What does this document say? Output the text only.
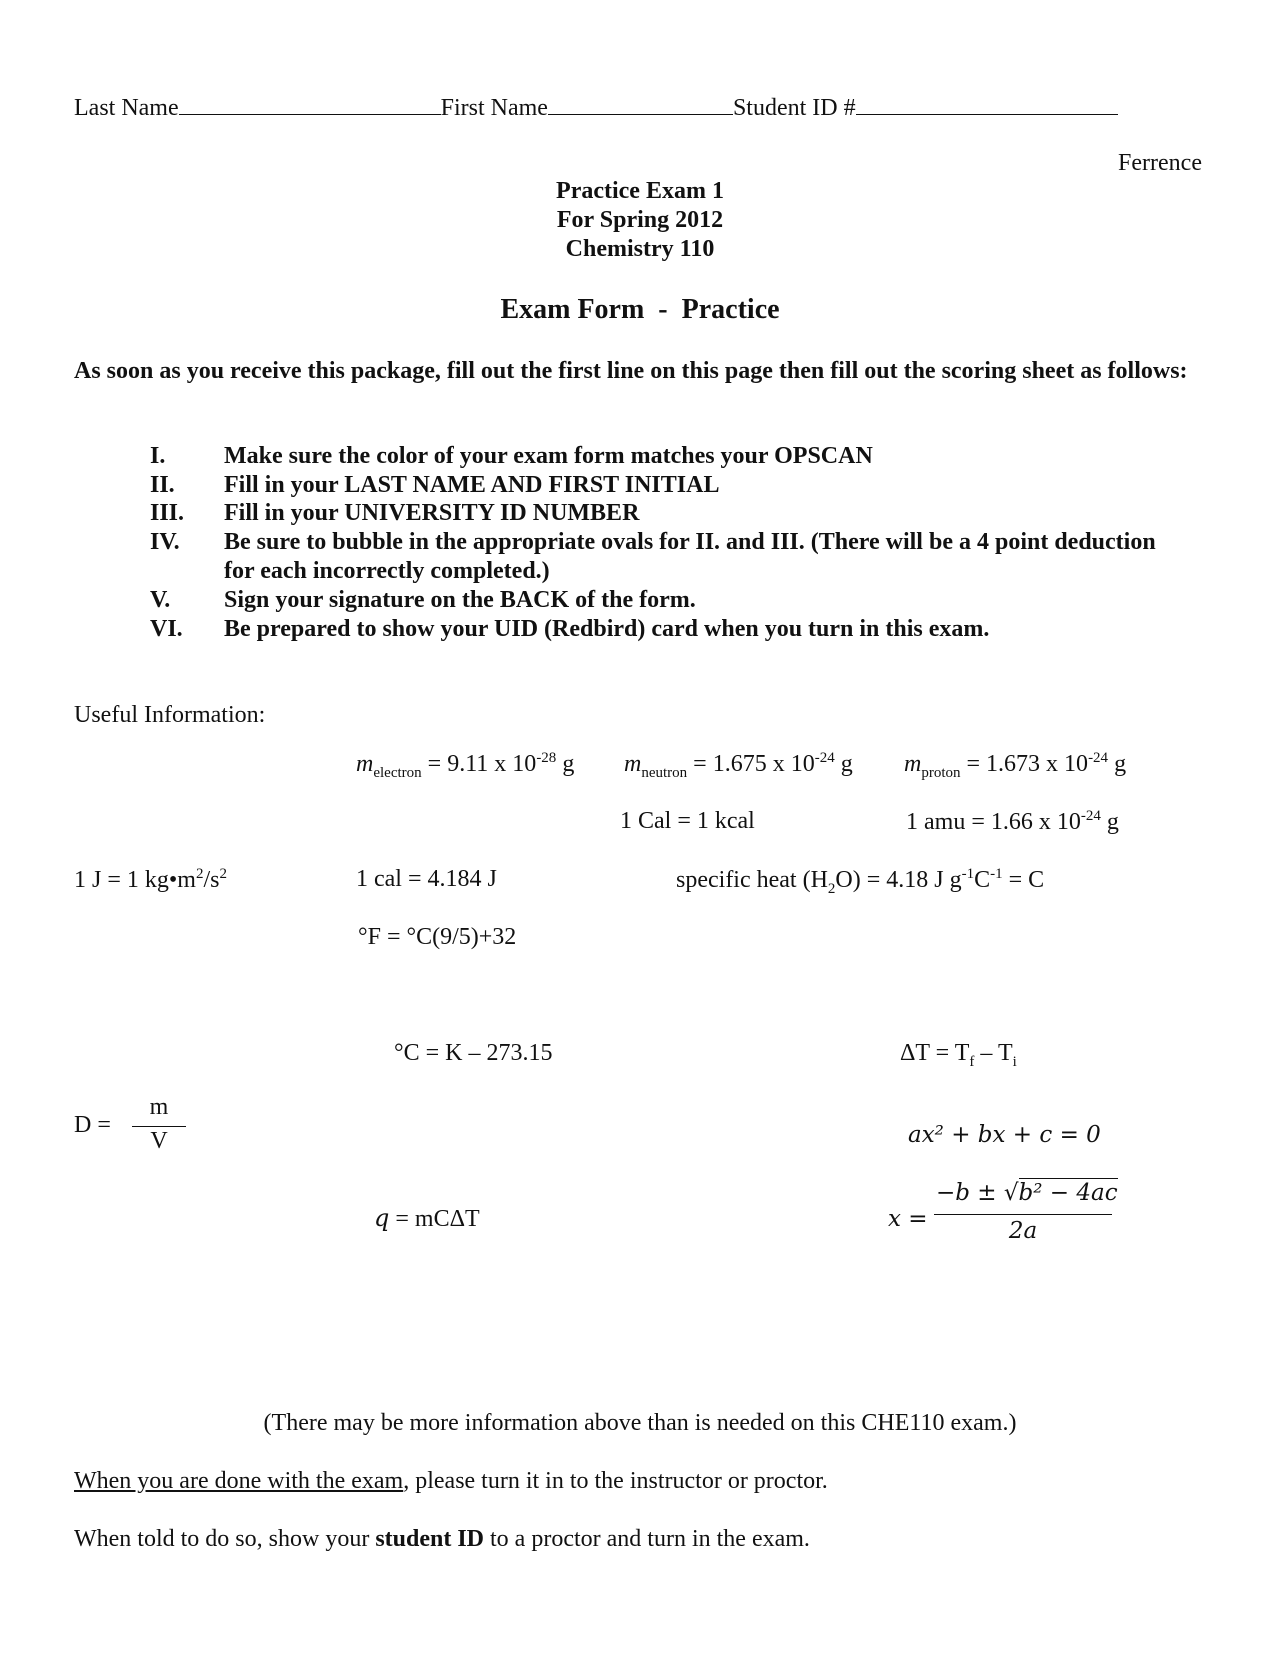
Last Name	First Name	Student ID #
Ferrence
Practice Exam 1
For Spring 2012
Chemistry 110
Exam Form - Practice
As soon as you receive this package, fill out the first line on this page then fill out the scoring sheet as follows:
I. Make sure the color of your exam form matches your OPSCAN
II. Fill in your LAST NAME AND FIRST INITIAL
III. Fill in your UNIVERSITY ID NUMBER
IV. Be sure to bubble in the appropriate ovals for II. and III. (There will be a 4 point deduction
for each incorrectly completed.)
V. Sign your signature on the BACK of the form.
VI. Be prepared to show your UID (Redbird) card when you turn in this exam.
Useful Information:
$m_{electron} = 9.11$ x $10^{-28}$ g $m_{neutron} = 1.675$ x $10^{-24}$ g $m_{proton} = 1.673$ x $10^{-24}$ g
1 Cal = 1 kcal	1 amu = 1.66 x $10^{-24}$ g
1 J = 1 $kg•m^2/s^2$	1 cal = 4.184 J	specific heat $(H_2O) = 4.18$ J $g^{-1}C^{-1} = C$
°F = °C(9/5)+32
°C = K – 273.15	$\Delta T = T_f - T_i$
D =
m
V	ax² + bx + c = 0
x =
−b ± √b² − 4ac
2a
q = mCΔT
(There may be more information above than is needed on this CHE110 exam.)
When you are done with the exam, please turn it in to the instructor or proctor.
When told to do so, show your student ID to a proctor and turn in the exam.
